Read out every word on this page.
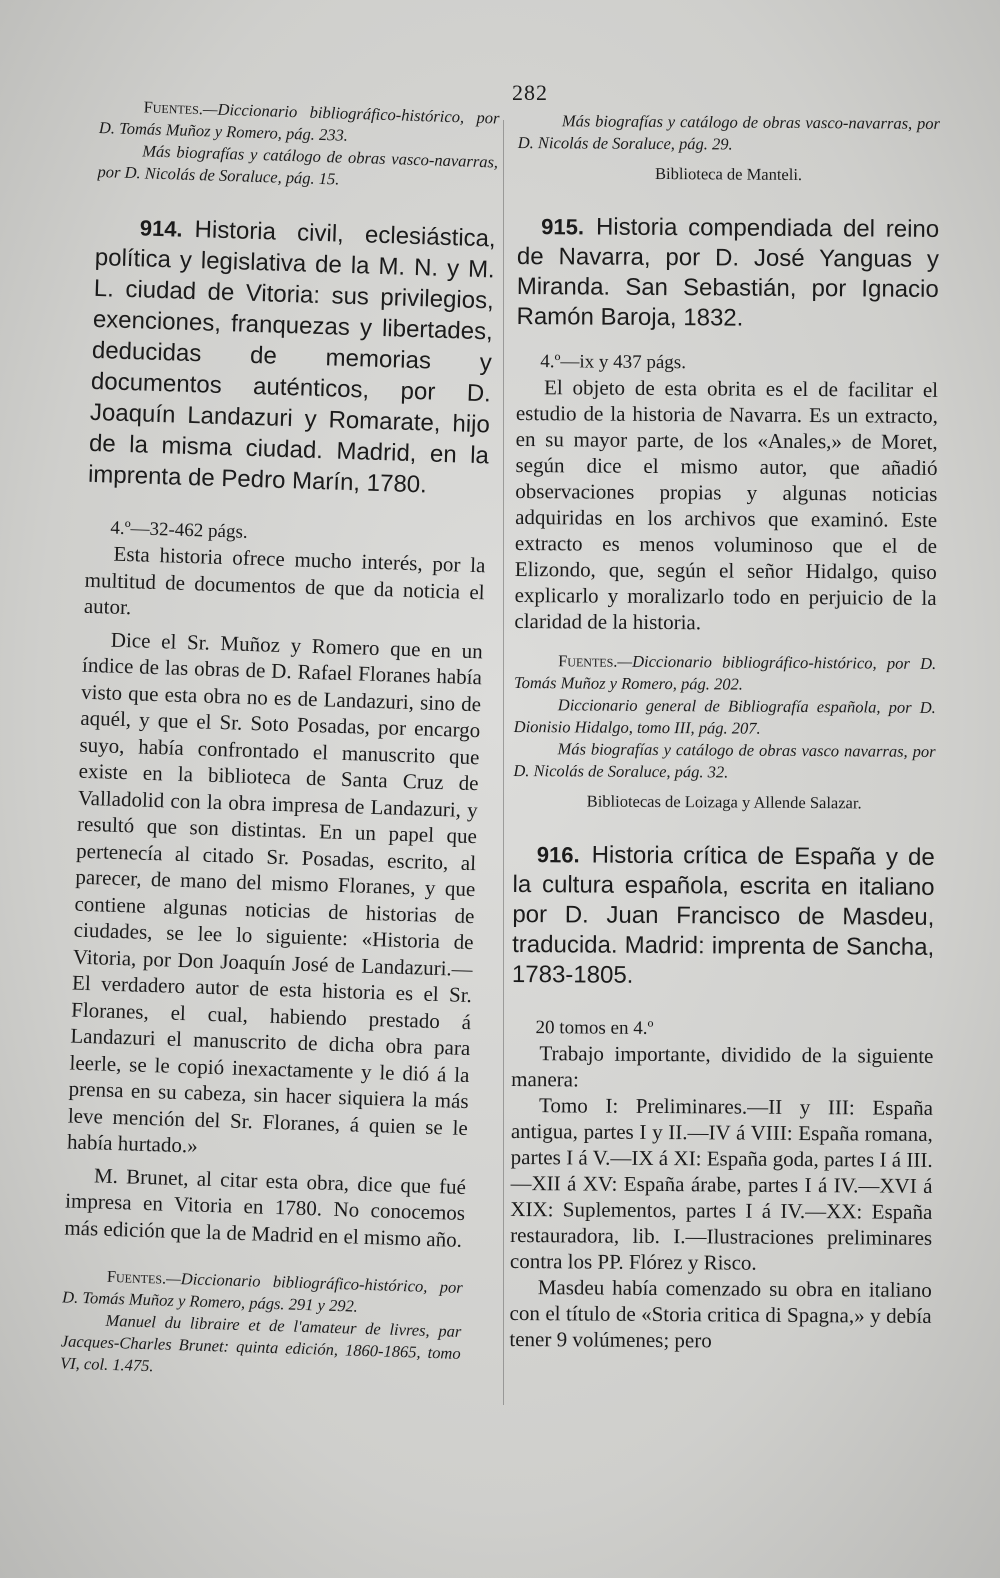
282

Fuentes.—Diccionario bibliográfico-histórico, por D. Tomás Muñoz y Romero, pág. 233.

Más biografías y catálogo de obras vasco-navarras, por D. Nicolás de Soraluce, pág. 15.

914. Historia civil, eclesiástica, política y legislativa de la M. N. y M. L. ciudad de Vitoria: sus privilegios, exenciones, franquezas y libertades, deducidas de memorias y documentos auténticos, por D. Joaquín Landazuri y Romarate, hijo de la misma ciudad. Madrid, en la imprenta de Pedro Marín, 1780.

4.º—32-462 págs.

Esta historia ofrece mucho interés, por la multitud de documentos de que da noticia el autor.

Dice el Sr. Muñoz y Romero que en un índice de las obras de D. Rafael Floranes había visto que esta obra no es de Landazuri, sino de aquél, y que el Sr. Soto Posadas, por encargo suyo, había confrontado el manuscrito que existe en la biblioteca de Santa Cruz de Valladolid con la obra impresa de Landazuri, y resultó que son distintas. En un papel que pertenecía al citado Sr. Posadas, escrito, al parecer, de mano del mismo Floranes, y que contiene algunas noticias de historias de ciudades, se lee lo siguiente: «Historia de Vitoria, por Don Joaquín José de Landazuri.—El verdadero autor de esta historia es el Sr. Floranes, el cual, habiendo prestado á Landazuri el manuscrito de dicha obra para leerle, se le copió inexactamente y le dió á la prensa en su cabeza, sin hacer siquiera la más leve mención del Sr. Floranes, á quien se le había hurtado.»

M. Brunet, al citar esta obra, dice que fué impresa en Vitoria en 1780. No conocemos más edición que la de Madrid en el mismo año.

Fuentes.—Diccionario bibliográfico-histórico, por D. Tomás Muñoz y Romero, págs. 291 y 292.

Manuel du libraire et de l'amateur de livres, par Jacques-Charles Brunet: quinta edición, 1860-1865, tomo VI, col. 1.475.

Más biografías y catálogo de obras vasco-navarras, por D. Nicolás de Soraluce, pág. 29.

Biblioteca de Manteli.

915. Historia compendiada del reino de Navarra, por D. José Yanguas y Miranda. San Sebastián, por Ignacio Ramón Baroja, 1832.

4.º—ix y 437 págs.

El objeto de esta obrita es el de facilitar el estudio de la historia de Navarra. Es un extracto, en su mayor parte, de los «Anales,» de Moret, según dice el mismo autor, que añadió observaciones propias y algunas noticias adquiridas en los archivos que examinó. Este extracto es menos voluminoso que el de Elizondo, que, según el señor Hidalgo, quiso explicarlo y moralizarlo todo en perjuicio de la claridad de la historia.

Fuentes.—Diccionario bibliográfico-histórico, por D. Tomás Muñoz y Romero, pág. 202.

Diccionario general de Bibliografía española, por D. Dionisio Hidalgo, tomo III, pág. 207.

Más biografías y catálogo de obras vasco navarras, por D. Nicolás de Soraluce, pág. 32.

Bibliotecas de Loizaga y Allende Salazar.

916. Historia crítica de España y de la cultura española, escrita en italiano por D. Juan Francisco de Masdeu, traducida. Madrid: imprenta de Sancha, 1783-1805.

20 tomos en 4.º

Trabajo importante, dividido de la siguiente manera:

Tomo I: Preliminares.—II y III: España antigua, partes I y II.—IV á VIII: España romana, partes I á V.—IX á XI: España goda, partes I á III.—XII á XV: España árabe, partes I á IV.—XVI á XIX: Suplementos, partes I á IV.—XX: España restauradora, lib. I.—Ilustraciones preliminares contra los PP. Flórez y Risco.

Masdeu había comenzado su obra en italiano con el título de «Storia critica di Spagna,» y debía tener 9 volúmenes; pero
